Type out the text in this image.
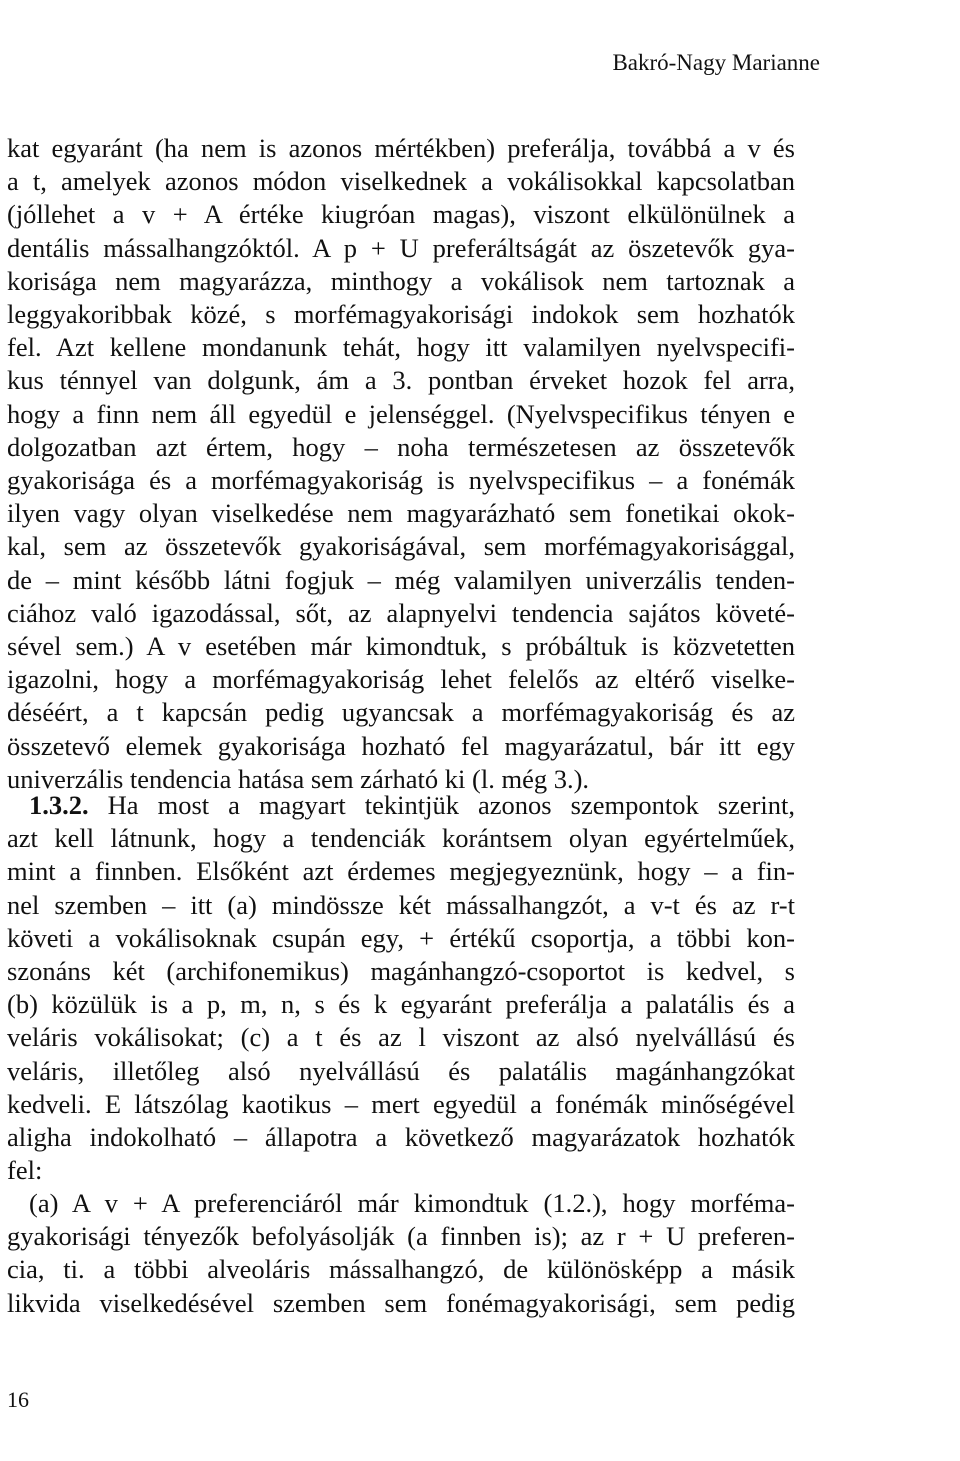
Bakró-Nagy Marianne
kat egyaránt (ha nem is azonos mértékben) preferálja, továbbá a v és
a t, amelyek azonos módon viselkednek a vokálisokkal kapcsolatban
(jóllehet a v + A értéke kiugróan magas), viszont elkülönülnek a
dentális mássalhangzóktól. A p + U preferáltságát az öszetevők gya-
korisága nem magyarázza, minthogy a vokálisok nem tartoznak a
leggyakoribbak közé, s morfémagyakorisági indokok sem hozhatók
fel. Azt kellene mondanunk tehát, hogy itt valamilyen nyelvspecifi-
kus ténnyel van dolgunk, ám a 3. pontban érveket hozok fel arra,
hogy a finn nem áll egyedül e jelenséggel. (Nyelvspecifikus tényen e
dolgozatban azt értem, hogy – noha természetesen az összetevők
gyakorisága és a morfémagyakoriság is nyelvspecifikus – a fonémák
ilyen vagy olyan viselkedése nem magyarázható sem fonetikai okok-
kal, sem az összetevők gyakoriságával, sem morfémagyakorisággal,
de – mint később látni fogjuk – még valamilyen univerzális tenden-
ciához való igazodással, sőt, az alapnyelvi tendencia sajátos követé-
sével sem.) A v esetében már kimondtuk, s próbáltuk is közvetetten
igazolni, hogy a morfémagyakoriság lehet felelős az eltérő viselke-
déséért, a t kapcsán pedig ugyancsak a morfémagyakoriság és az
összetevő elemek gyakorisága hozható fel magyarázatul, bár itt egy
univerzális tendencia hatása sem zárható ki (l. még 3.).
1.3.2. Ha most a magyart tekintjük azonos szempontok szerint,
azt kell látnunk, hogy a tendenciák korántsem olyan egyértelműek,
mint a finnben. Elsőként azt érdemes megjegyeznünk, hogy – a fin-
nel szemben – itt (a) mindössze két mássalhangzót, a v-t és az r-t
követi a vokálisoknak csupán egy, + értékű csoportja, a többi kon-
szonáns két (archifonemikus) magánhangzó-csoportot is kedvel, s
(b) közülük is a p, m, n, s és k egyaránt preferálja a palatális és a
veláris vokálisokat; (c) a t és az l viszont az alsó nyelvállású és
veláris, illetőleg alsó nyelvállású és palatális magánhangzókat
kedveli. E látszólag kaotikus – mert egyedül a fonémák minőségével
aligha indokolható – állapotra a következő magyarázatok hozhatók
fel:
(a) A v + A preferenciáról már kimondtuk (1.2.), hogy morféma-
gyakorisági tényezők befolyásolják (a finnben is); az r + U preferen-
cia, ti. a többi alveoláris mássalhangzó, de különösképp a másik
likvida viselkedésével szemben sem fonémagyakorisági, sem pedig
16
